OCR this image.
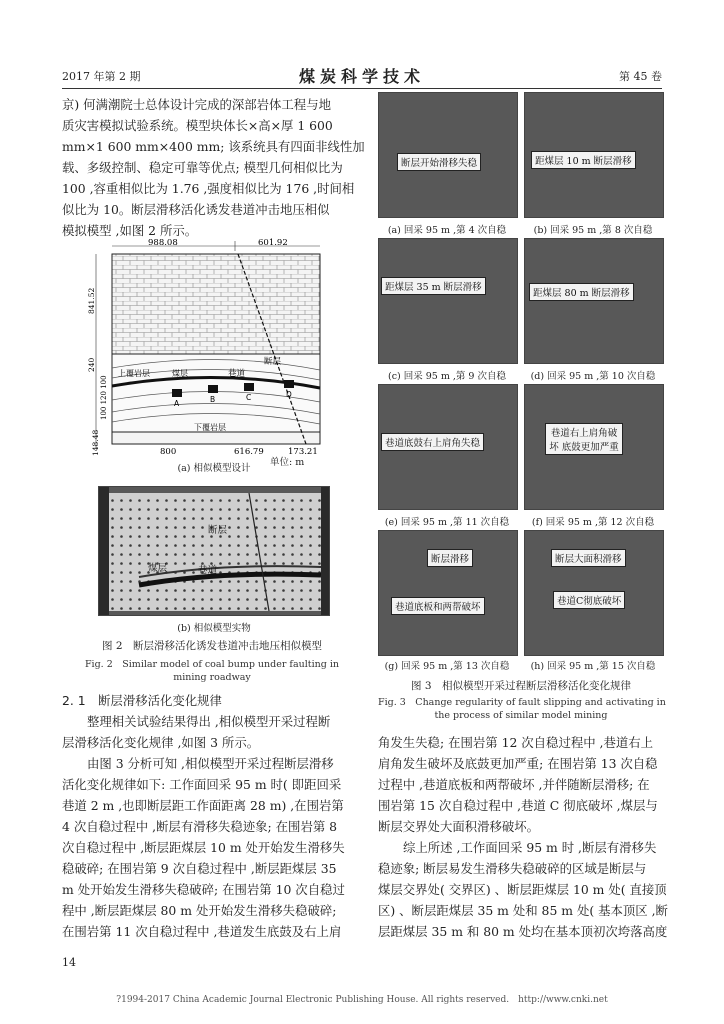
2017 年第 2 期	煤炭科学技术	第 45 卷

京) 何满潮院士总体设计完成的深部岩体工程与地

质灾害模拟试验系统。模型块体长×高×厚 1 600

mm×1 600 mm×400 mm; 该系统具有四面非线性加

载、多级控制、稳定可靠等优点; 模型几何相似比为

100 ,容重相似比为 1.76 ,强度相似比为 176 ,时间相

似比为 10。断层滑移活化诱发巷道冲击地压相似

模拟模型 ,如图 2 所示。

988.08	601.92
841.52
240
100 120 100
148.48
断层
巷道
上覆岩层	煤层
下覆岩层
A	B	C	D
800	616.79	173.21
单位: m
(a) 相似模型设计
断层
煤层	巷道
(b) 相似模型实物
图 2　断层滑移活化诱发巷道冲击地压相似模型
Fig. 2　Similar model of coal bump under faulting in
mining roadway

2. 1　断层滑移活化变化规律

整理相关试验结果得出 ,相似模型开采过程断

层滑移活化变化规律 ,如图 3 所示。

由图 3 分析可知 ,相似模型开采过程断层滑移

活化变化规律如下: 工作面回采 95 m 时( 即距回采

巷道 2 m ,也即断层距工作面距离 28 m) ,在围岩第

4 次自稳过程中 ,断层有滑移失稳迹象; 在围岩第 8

次自稳过程中 ,断层距煤层 10 m 处开始发生滑移失

稳破碎; 在围岩第 9 次自稳过程中 ,断层距煤层 35

m 处开始发生滑移失稳破碎; 在围岩第 10 次自稳过

程中 ,断层距煤层 80 m 处开始发生滑移失稳破碎;

在围岩第 11 次自稳过程中 ,巷道发生底鼓及右上肩

14
断层开始滑移失稳	距煤层 10 m 断层滑移
(a) 回采 95 m ,第 4 次自稳	(b) 回采 95 m ,第 8 次自稳
距煤层 35 m 断层滑移
距煤层 80 m 断层滑移
(c) 回采 95 m ,第 9 次自稳	(d) 回采 95 m ,第 10 次自稳
巷道底鼓右上肩角失稳
巷道右上肩角破坏 底鼓更加严重
(e) 回采 95 m ,第 11 次自稳	(f) 回采 95 m ,第 12 次自稳
断层滑移
巷道底板和两帮破坏
断层大面积滑移
巷道C彻底破坏
(g) 回采 95 m ,第 13 次自稳	(h) 回采 95 m ,第 15 次自稳
图 3　相似模型开采过程断层滑移活化变化规律
Fig. 3　Change regularity of fault slipping and activating in
the process of similar model mining

角发生失稳; 在围岩第 12 次自稳过程中 ,巷道右上

肩角发生破坏及底鼓更加严重; 在围岩第 13 次自稳

过程中 ,巷道底板和两帮破坏 ,并伴随断层滑移; 在

围岩第 15 次自稳过程中 ,巷道 C 彻底破坏 ,煤层与

断层交界处大面积滑移破坏。

综上所述 ,工作面回采 95 m 时 ,断层有滑移失

稳迹象; 断层易发生滑移失稳破碎的区域是断层与

煤层交界处( 交界区) 、断层距煤层 10 m 处( 直接顶

区) 、断层距煤层 35 m 处和 85 m 处( 基本顶区 ,断

层距煤层 35 m 和 80 m 处均在基本顶初次垮落高度

?1994-2017 China Academic Journal Electronic Publishing House. All rights reserved.　http://www.cnki.net
